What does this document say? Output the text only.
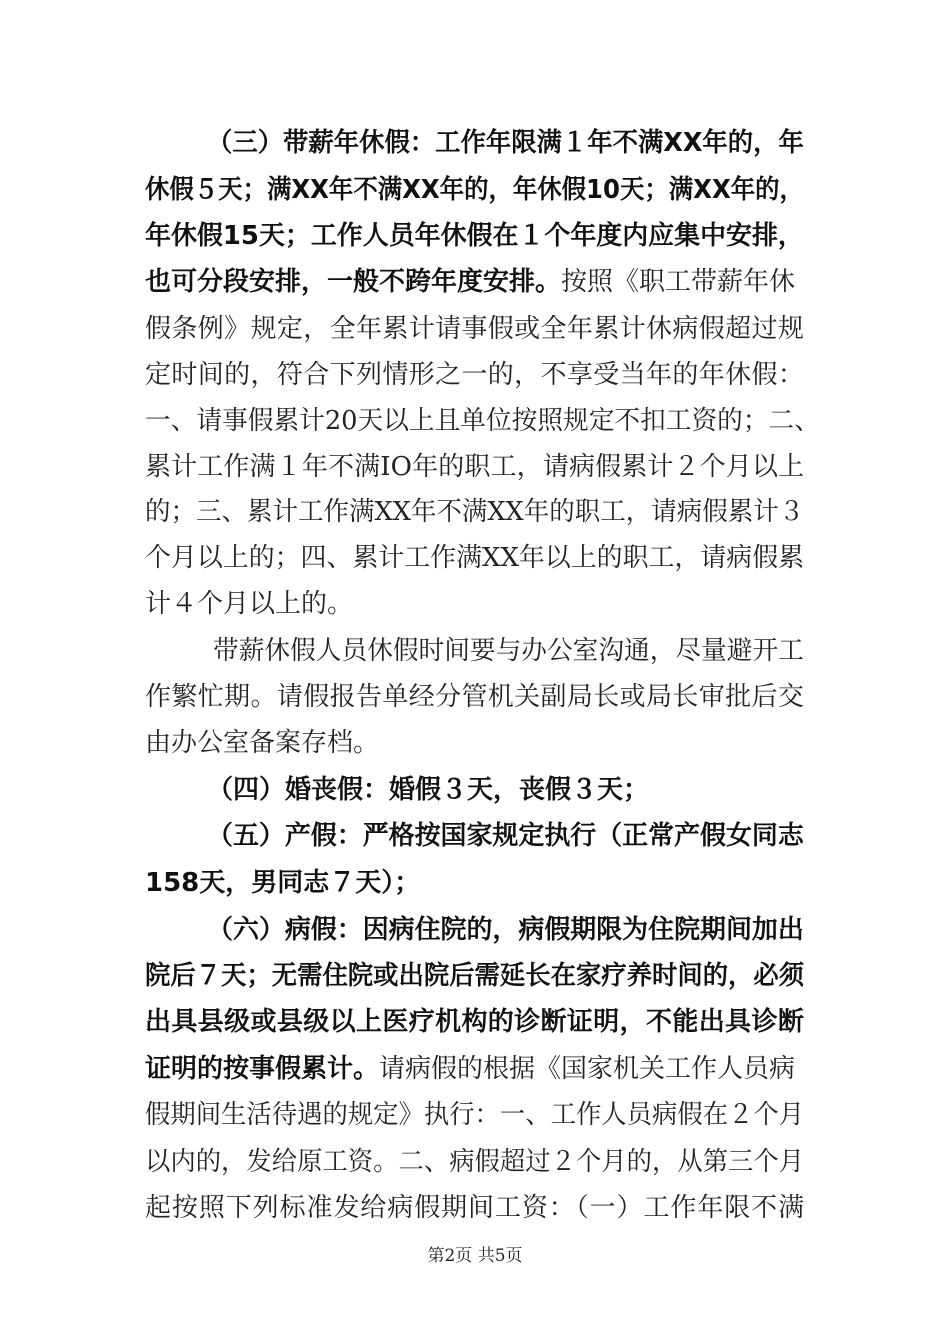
（三）带薪年休假：工作年限满１年不满XX年的，年
休假５天；满XX年不满XX年的，年休假10天；满XX年的，
年休假15天；工作人员年休假在１个年度内应集中安排，
也可分段安排，一般不跨年度安排。按照《职工带薪年休
假条例》规定，全年累计请事假或全年累计休病假超过规
定时间的，符合下列情形之一的，不享受当年的年休假：
一、请事假累计20天以上且单位按照规定不扣工资的；二、
累计工作满１年不满IO年的职工，请病假累计２个月以上
的；三、累计工作满XX年不满XX年的职工，请病假累计３
个月以上的；四、累计工作满XX年以上的职工，请病假累
计４个月以上的。
带薪休假人员休假时间要与办公室沟通，尽量避开工
作繁忙期。请假报告单经分管机关副局长或局长审批后交
由办公室备案存档。
（四）婚丧假：婚假３天，丧假３天；
（五）产假：严格按国家规定执行（正常产假女同志
158天，男同志７天）；
（六）病假：因病住院的，病假期限为住院期间加出
院后７天；无需住院或出院后需延长在家疗养时间的，必须
出具县级或县级以上医疗机构的诊断证明，不能出具诊断
证明的按事假累计。请病假的根据《国家机关工作人员病
假期间生活待遇的规定》执行：一、工作人员病假在２个月
以内的，发给原工资。二、病假超过２个月的，从第三个月
起按照下列标准发给病假期间工资：（一）工作年限不满
第2页 共5页
